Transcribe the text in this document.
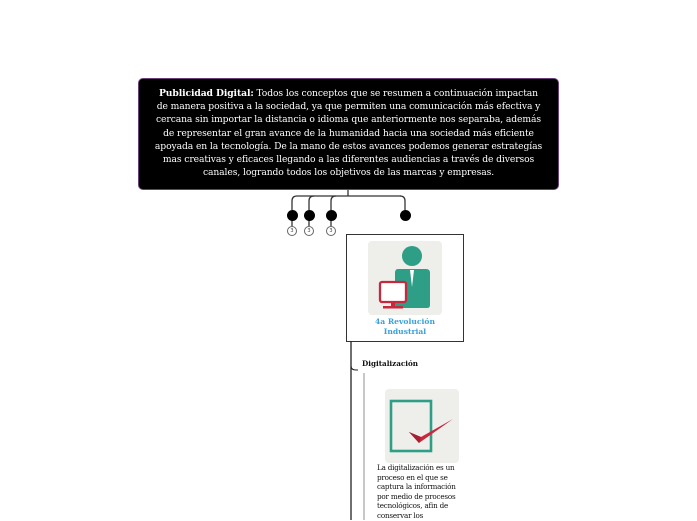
Publicidad Digital: Todos los conceptos que se resumen a continuación impactan
de manera positiva a la sociedad, ya que permiten una comunicación más efectiva y
cercana sin importar la distancia o idioma que anteriormente nos separaba, además
de representar el gran avance de la humanidad hacia una sociedad más eficiente
apoyada en la tecnología. De la mano de estos avances podemos generar estrategías
mas creativas y eficaces llegando a las diferentes audiencias a través de diversos
canales, logrando todos los objetivos de las marcas y empresas.
3	3	3
4a Revolución
Industrial
Digitalización
La digitalización es un
proceso en el que se
captura la información
por medio de procesos
tecnológicos, afin de
conservar los
